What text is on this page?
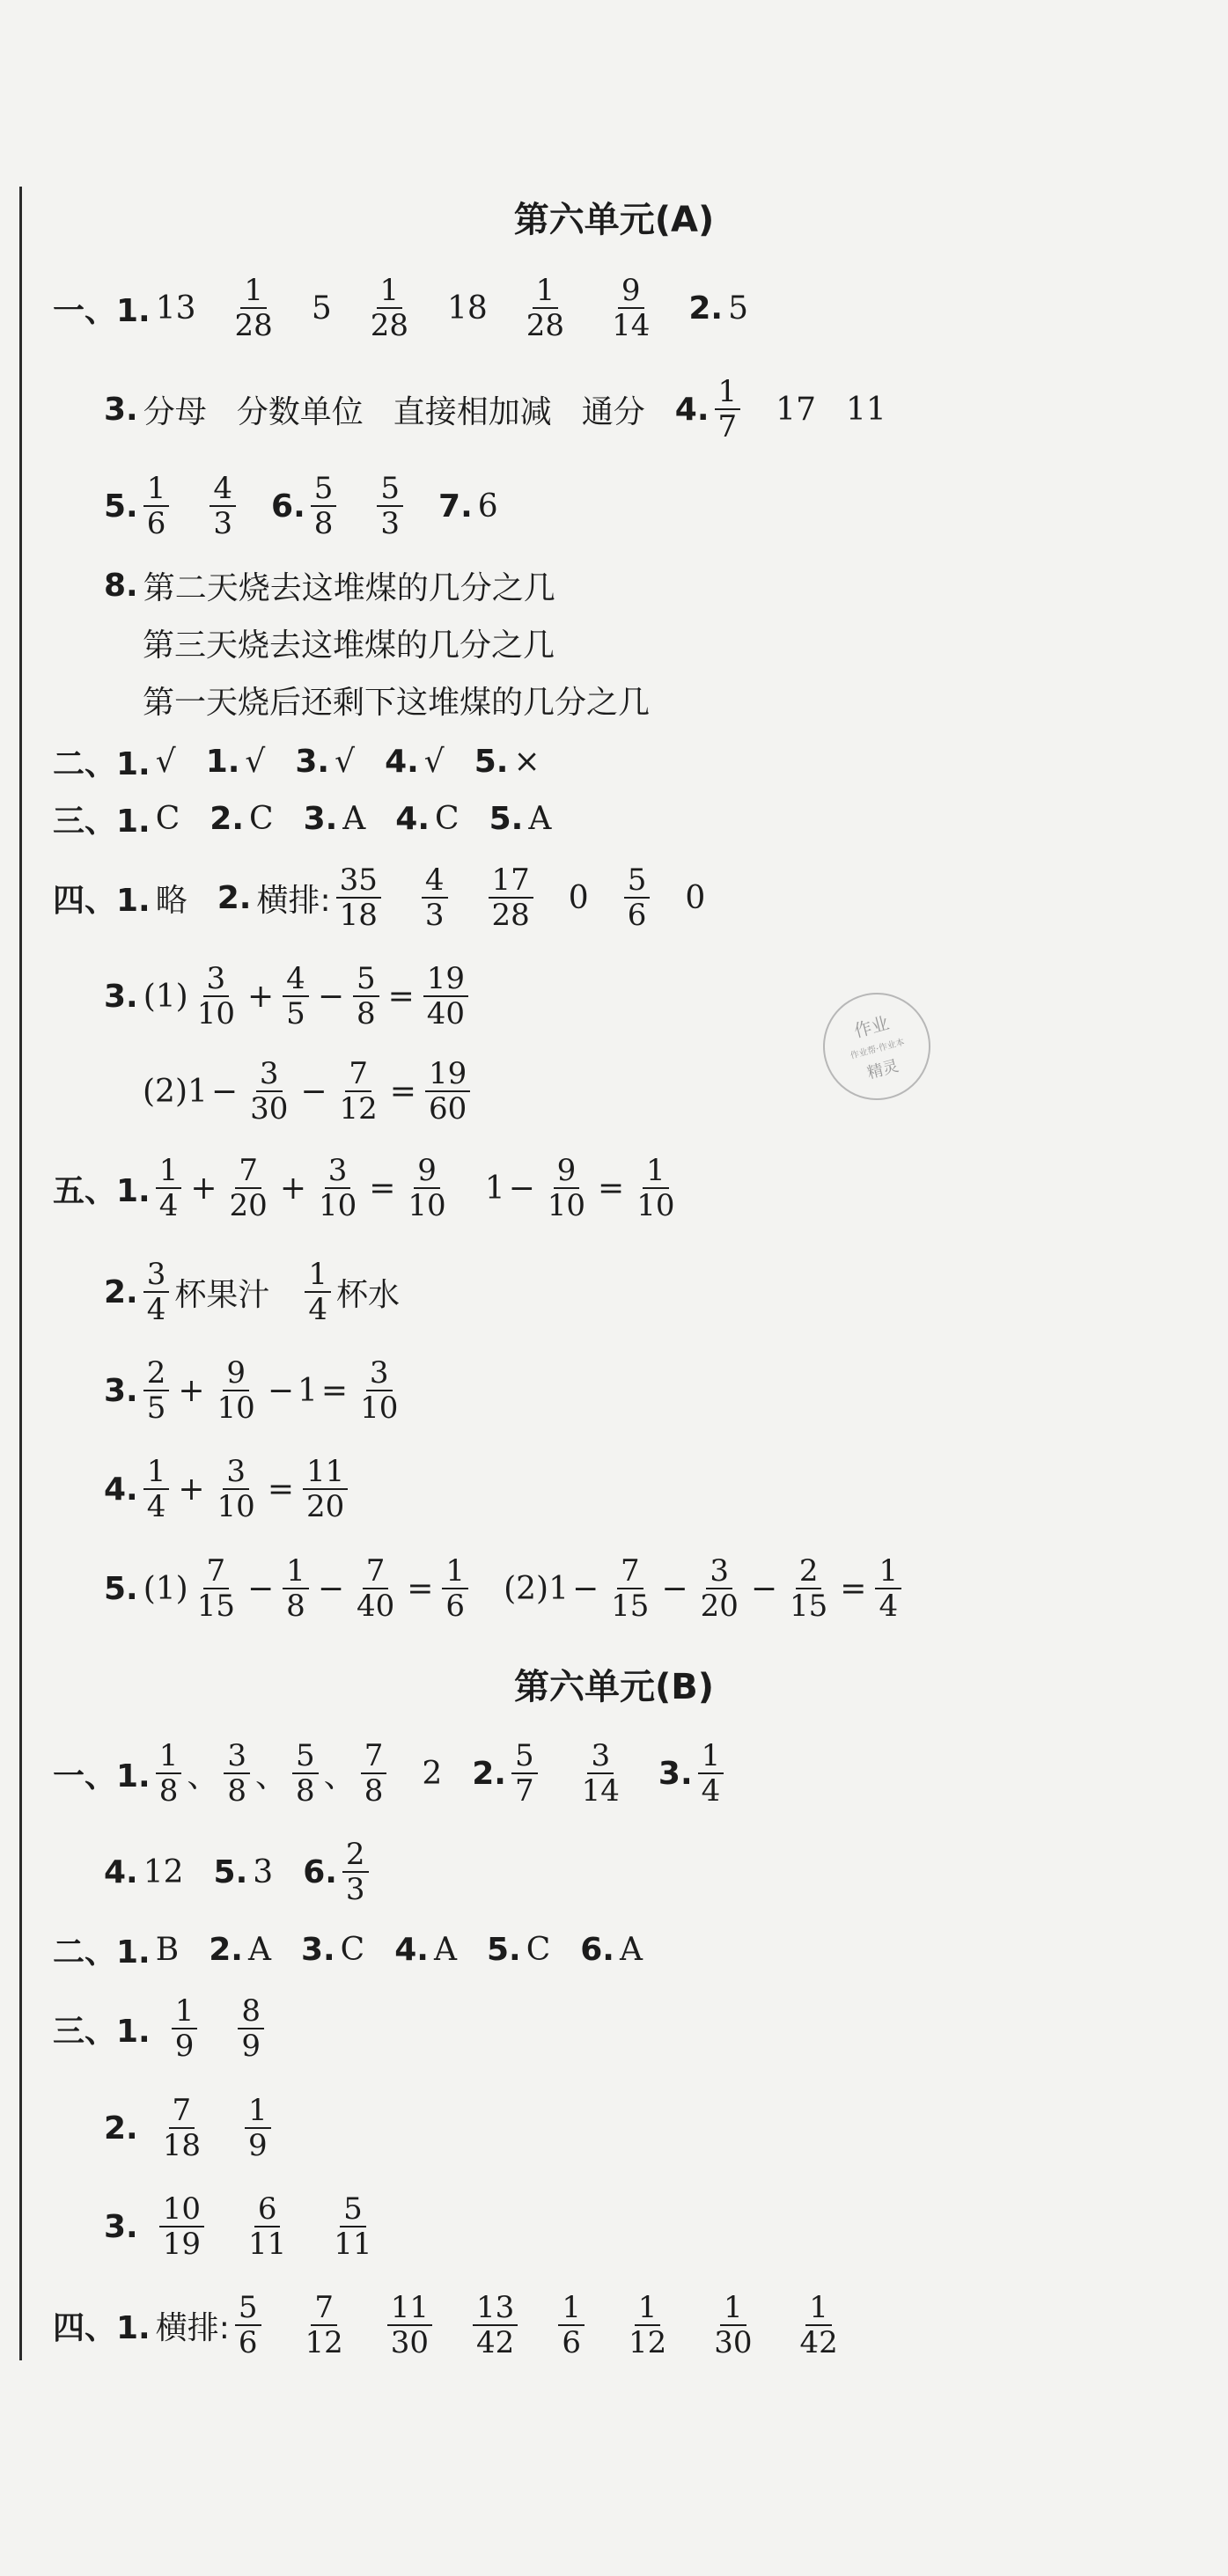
第六单元(A)
一、1. $13 \frac{1}{28} 5 \frac{1}{28} 18 \frac{1}{28} \frac{9}{14} 2$. 5
3. 分母 分数单位 直接相加减 通分 4. $\frac{1}{7} 17$ 11
5. $\frac{1}{6} \frac{4}{3} 6$. $\frac{5}{8} \frac{5}{3} 7$. 6
8. 第二天烧去这堆煤的几分之几
第三天烧去这堆煤的几分之几
第一天烧后还剩下这堆煤的几分之几
二、1. √ 1. √ 3. √ 4. √ 5. ×
三、1. C 2. C 3. A 4. C 5. A
四、1. 略 2. 横排: $\frac{35}{18} \frac{4}{3} \frac{17}{28} 0 \frac{5}{6} 0$
3. $(1) \frac{3}{10} + \frac{4}{5} - \frac{5}{8} = \frac{19}{40}$
(2) $1 - \frac{3}{30} - \frac{7}{12} = \frac{19}{60}$
五、1. $\frac{1}{4} + \frac{7}{20} + \frac{3}{10} = \frac{9}{10} 1 - \frac{9}{10} = \frac{1}{10}$
2. $\frac{3}{4}$ 杯果汁 $\frac{1}{4}$ 杯水
3. $\frac{2}{5} + \frac{9}{10} - 1 = \frac{3}{10}$
4. $\frac{1}{4} + \frac{3}{10} = \frac{11}{20}$
5. $(1) \frac{7}{15} - \frac{1}{8} - \frac{7}{40} = \frac{1}{6} (2) 1 - \frac{7}{15} - \frac{3}{20} - \frac{2}{15} = \frac{1}{4}$
作业
作业帮·作业本
精灵
第六单元(B)
一、1. $\frac{1}{8}$ 、 $\frac{3}{8}$ 、 $\frac{5}{8}$ 、 $\frac{7}{8} 2$ 2. $\frac{5}{7} \frac{3}{14} 3$. $\frac{1}{4}$
4. 12 5. 3 6. $\frac{2}{3}$
二、1. B 2. A 3. C 4. A 5. C 6. A
三、1. $\frac{1}{9} \frac{8}{9}$
2. $\frac{7}{18} \frac{1}{9}$
3. $\frac{10}{19} \frac{6}{11} \frac{5}{11}$
四、1. 横排: $\frac{5}{6} \frac{7}{12} \frac{11}{30} \frac{13}{42} \frac{1}{6} \frac{1}{12} \frac{1}{30} \frac{1}{42}$
